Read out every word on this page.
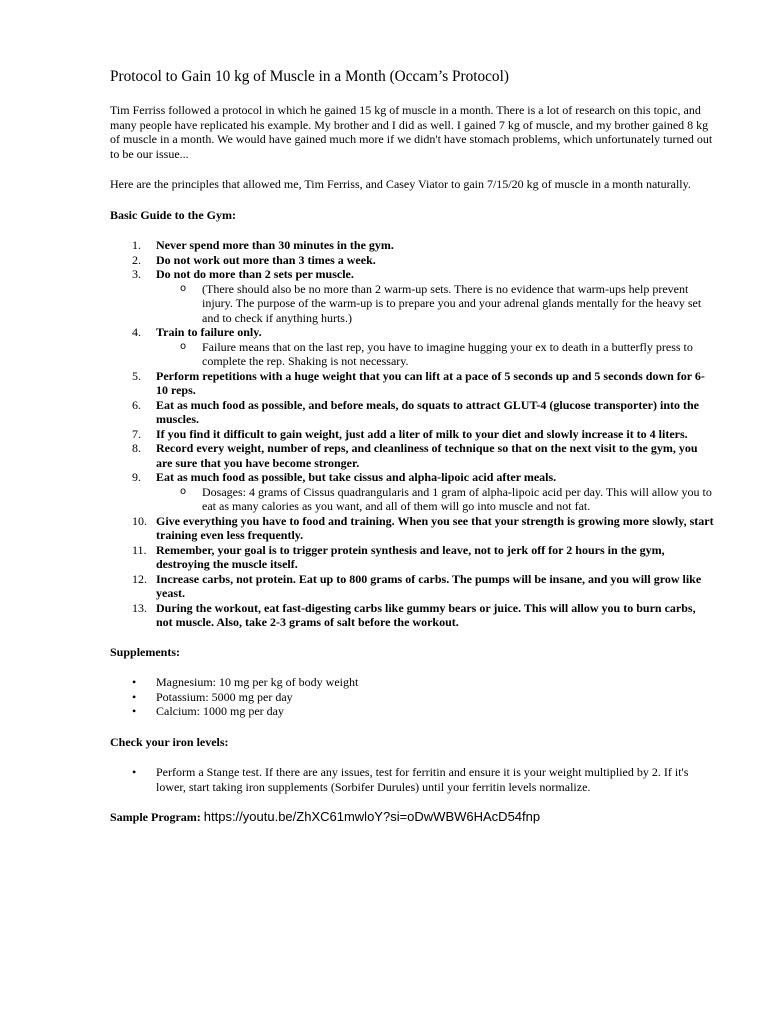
Protocol to Gain 10 kg of Muscle in a Month (Occam’s Protocol)

Tim Ferriss followed a protocol in which he gained 15 kg of muscle in a month. There is a lot of research on this topic, and many people have replicated his example. My brother and I did as well. I gained 7 kg of muscle, and my brother gained 8 kg of muscle in a month. We would have gained much more if we didn't have stomach problems, which unfortunately turned out to be our issue...

Here are the principles that allowed me, Tim Ferriss, and Casey Viator to gain 7/15/20 kg of muscle in a month naturally.

Basic Guide to the Gym:

1.	Never spend more than 30 minutes in the gym.
2.	Do not work out more than 3 times a week.
3.	Do not do more than 2 sets per muscle.
o (There should also be no more than 2 warm-up sets. There is no evidence that warm-ups help prevent injury. The purpose of the warm-up is to prepare you and your adrenal glands mentally for the heavy set and to check if anything hurts.)
4.	Train to failure only.
o Failure means that on the last rep, you have to imagine hugging your ex to death in a butterfly press to complete the rep. Shaking is not necessary.
5.	Perform repetitions with a huge weight that you can lift at a pace of 5 seconds up and 5 seconds down for 6-10 reps.
6.	Eat as much food as possible, and before meals, do squats to attract GLUT-4 (glucose transporter) into the muscles.
7.	If you find it difficult to gain weight, just add a liter of milk to your diet and slowly increase it to 4 liters.
8.	Record every weight, number of reps, and cleanliness of technique so that on the next visit to the gym, you are sure that you have become stronger.
9.	Eat as much food as possible, but take cissus and alpha-lipoic acid after meals.
o Dosages: 4 grams of Cissus quadrangularis and 1 gram of alpha-lipoic acid per day. This will allow you to eat as many calories as you want, and all of them will go into muscle and not fat.
10. Give everything you have to food and training. When you see that your strength is growing more slowly, start training even less frequently.
11. Remember, your goal is to trigger protein synthesis and leave, not to jerk off for 2 hours in the gym, destroying the muscle itself.
12. Increase carbs, not protein. Eat up to 800 grams of carbs. The pumps will be insane, and you will grow like yeast.
13. During the workout, eat fast-digesting carbs like gummy bears or juice. This will allow you to burn carbs, not muscle. Also, take 2-3 grams of salt before the workout.

Supplements:

• Magnesium: 10 mg per kg of body weight
• Potassium: 5000 mg per day
• Calcium: 1000 mg per day

Check your iron levels:

• Perform a Stange test. If there are any issues, test for ferritin and ensure it is your weight multiplied by 2. If it's lower, start taking iron supplements (Sorbifer Durules) until your ferritin levels normalize.

Sample Program: https://youtu.be/ZhXC61mwloY?si=oDwWBW6HAcD54fnp
